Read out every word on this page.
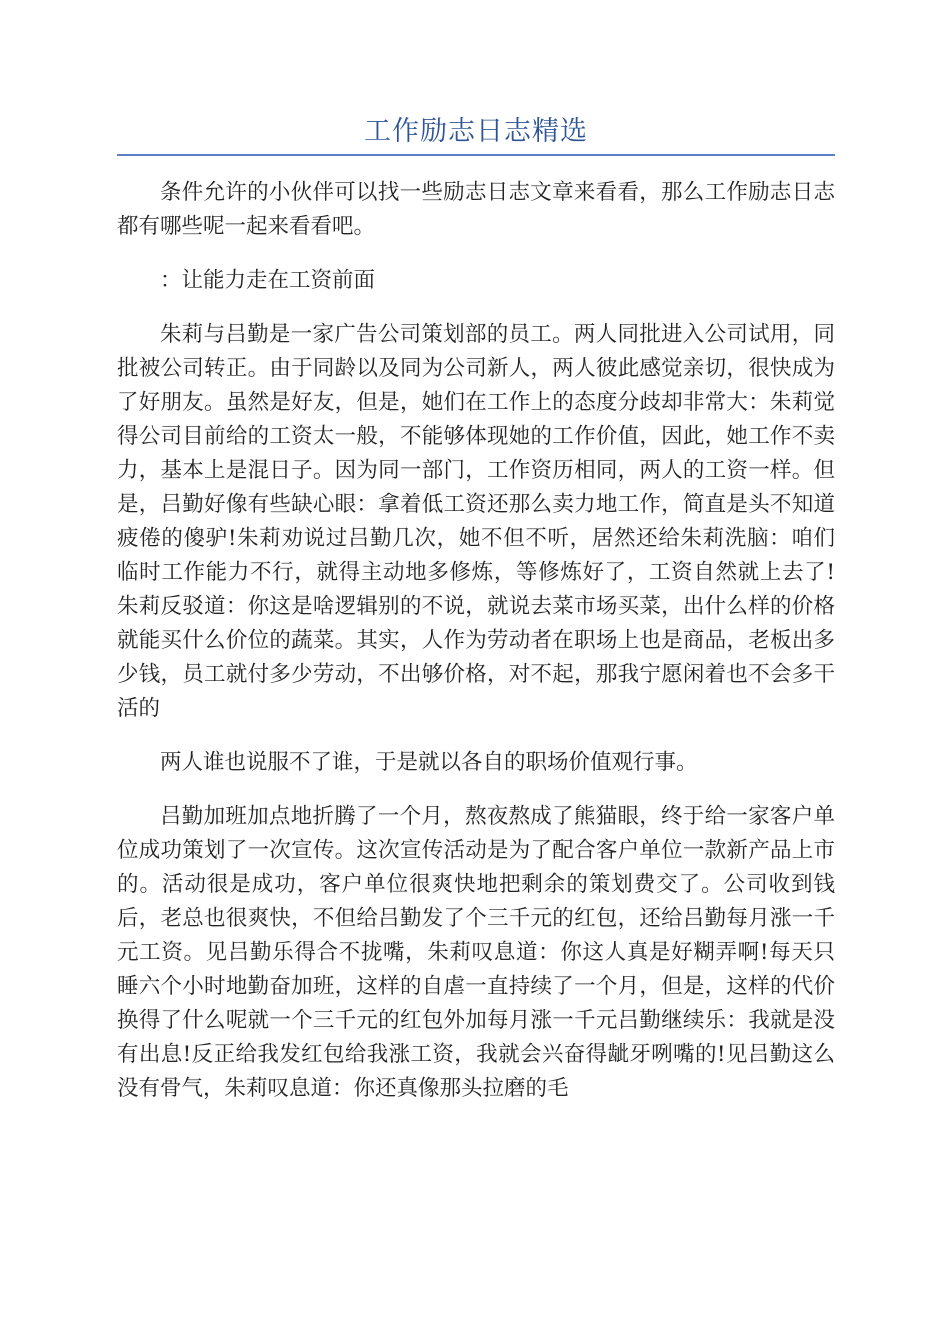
工作励志日志精选

条件允许的小伙伴可以找一些励志日志文章来看看，那么工作励志日志都有哪些呢一起来看看吧。

：让能力走在工资前面

朱莉与吕勤是一家广告公司策划部的员工。两人同批进入公司试用，同批被公司转正。由于同龄以及同为公司新人，两人彼此感觉亲切，很快成为了好朋友。虽然是好友，但是，她们在工作上的态度分歧却非常大：朱莉觉得公司目前给的工资太一般，不能够体现她的工作价值，因此，她工作不卖力，基本上是混日子。因为同一部门，工作资历相同，两人的工资一样。但是，吕勤好像有些缺心眼：拿着低工资还那么卖力地工作，简直是头不知道疲倦的傻驴!朱莉劝说过吕勤几次，她不但不听，居然还给朱莉洗脑：咱们临时工作能力不行，就得主动地多修炼，等修炼好了，工资自然就上去了!朱莉反驳道：你这是啥逻辑别的不说，就说去菜市场买菜，出什么样的价格就能买什么价位的蔬菜。其实，人作为劳动者在职场上也是商品，老板出多少钱，员工就付多少劳动，不出够价格，对不起，那我宁愿闲着也不会多干活的

两人谁也说服不了谁，于是就以各自的职场价值观行事。

吕勤加班加点地折腾了一个月，熬夜熬成了熊猫眼，终于给一家客户单位成功策划了一次宣传。这次宣传活动是为了配合客户单位一款新产品上市的。活动很是成功，客户单位很爽快地把剩余的策划费交了。公司收到钱后，老总也很爽快，不但给吕勤发了个三千元的红包，还给吕勤每月涨一千元工资。见吕勤乐得合不拢嘴，朱莉叹息道：你这人真是好糊弄啊!每天只睡六个小时地勤奋加班，这样的自虐一直持续了一个月，但是，这样的代价换得了什么呢就一个三千元的红包外加每月涨一千元吕勤继续乐：我就是没有出息!反正给我发红包给我涨工资，我就会兴奋得龇牙咧嘴的!见吕勤这么没有骨气，朱莉叹息道：你还真像那头拉磨的毛
